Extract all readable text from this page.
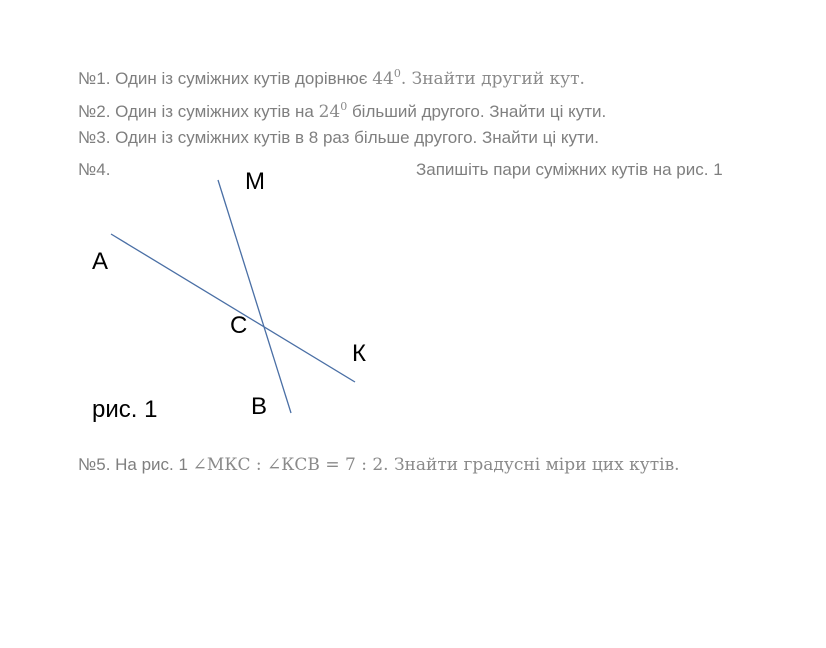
№1. Один із суміжних кутів дорівнює $44^0$. Знайти другий кут.
№2. Один із суміжних кутів на $24^0$ більший другого. Знайти ці кути.
№3. Один із суміжних кутів в 8 раз більше другого. Знайти ці кути.
№4.	Запишіть пари суміжних кутів на рис. 1
M
A
C
К
В
рис. 1
№5. На рис. 1 ∠МКС : ∠КСВ = 7 : 2. Знайти градусні міри цих кутів.
